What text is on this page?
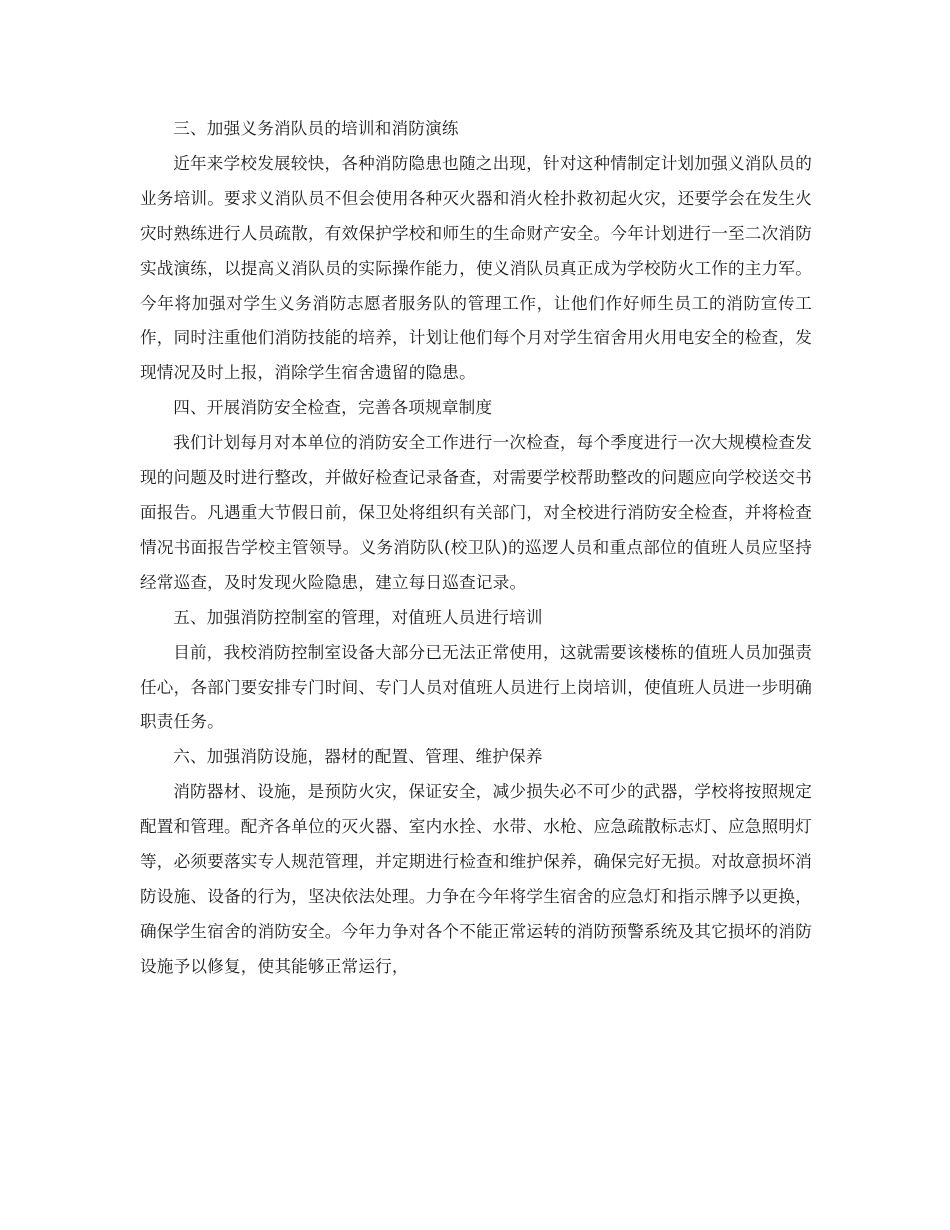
三、加强义务消队员的培训和消防演练

近年来学校发展较快，各种消防隐患也随之出现，针对这种情制定计划加强义消队员的业务培训。要求义消队员不但会使用各种灭火器和消火栓扑救初起火灾，还要学会在发生火灾时熟练进行人员疏散，有效保护学校和师生的生命财产安全。今年计划进行一至二次消防实战演练，以提高义消队员的实际操作能力，使义消队员真正成为学校防火工作的主力军。今年将加强对学生义务消防志愿者服务队的管理工作，让他们作好师生员工的消防宣传工作，同时注重他们消防技能的培养，计划让他们每个月对学生宿舍用火用电安全的检查，发现情况及时上报，消除学生宿舍遗留的隐患。

四、开展消防安全检查，完善各项规章制度

我们计划每月对本单位的消防安全工作进行一次检查，每个季度进行一次大规模检查发现的问题及时进行整改，并做好检查记录备查，对需要学校帮助整改的问题应向学校送交书面报告。凡遇重大节假日前，保卫处将组织有关部门，对全校进行消防安全检查，并将检查情况书面报告学校主管领导。义务消防队(校卫队)的巡逻人员和重点部位的值班人员应坚持经常巡查，及时发现火险隐患，建立每日巡查记录。

五、加强消防控制室的管理，对值班人员进行培训

目前，我校消防控制室设备大部分已无法正常使用，这就需要该楼栋的值班人员加强责任心，各部门要安排专门时间、专门人员对值班人员进行上岗培训，使值班人员进一步明确职责任务。

六、加强消防设施，器材的配置、管理、维护保养

消防器材、设施，是预防火灾，保证安全，减少损失必不可少的武器，学校将按照规定配置和管理。配齐各单位的灭火器、室内水拴、水带、水枪、应急疏散标志灯、应急照明灯等，必须要落实专人规范管理，并定期进行检查和维护保养，确保完好无损。对故意损坏消防设施、设备的行为，坚决依法处理。力争在今年将学生宿舍的应急灯和指示牌予以更换，确保学生宿舍的消防安全。今年力争对各个不能正常运转的消防预警系统及其它损坏的消防设施予以修复，使其能够正常运行，
